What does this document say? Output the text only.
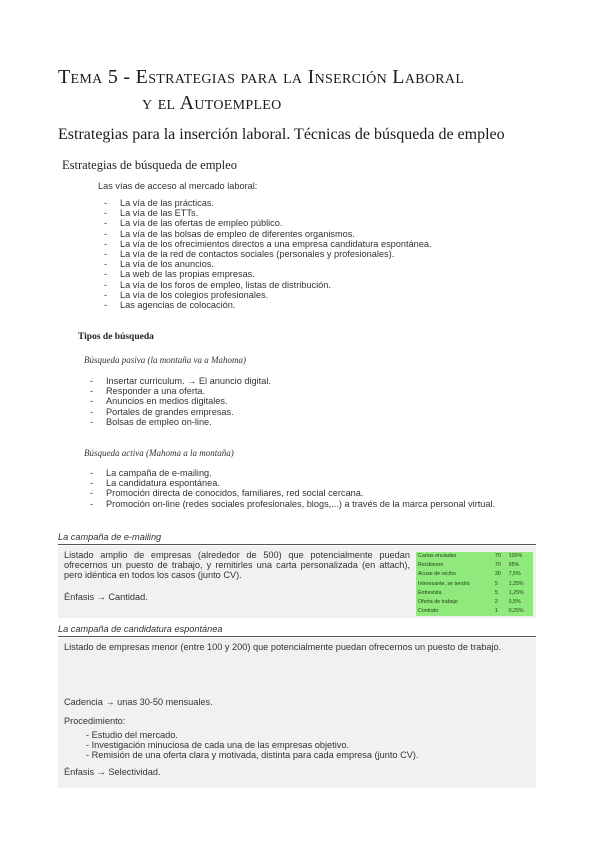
Tema 5 - Estrategias para la Inserción Laboral
y el Autoempleo
Estrategias para la inserción laboral. Técnicas de búsqueda de empleo
Estrategias de búsqueda de empleo
Las vías de acceso al mercado laboral:
- La vía de las prácticas.
- La vía de las ETTs.
- La vía de las ofertas de empleo público.
- La vía de las bolsas de empleo de diferentes organismos.
- La vía de los ofrecimientos directos a una empresa candidatura espontánea.
- La vía de la red de contactos sociales (personales y profesionales).
- La vía de los anuncios.
- La web de las propias empresas.
- La vía de los foros de empleo, listas de distribución.
- La vía de los colegios profesionales.
- Las agencias de colocación.
Tipos de búsqueda
Búsqueda pasiva (la montaña va a Mahoma)
- Insertar curriculum. → El anuncio digital.
- Responder a una oferta.
- Anuncios en medios digitales.
- Portales de grandes empresas.
- Bolsas de empleo on-line.
Búsqueda activa (Mahoma a la montaña)
- La campaña de e-mailing.
- La candidatura espontánea.
- Promoción directa de conocidos, familiares, red social cercana.
- Promoción on-line (redes sociales profesionales, blogs,...) a través de la marca personal virtual.
La campaña de e-mailing
Listado amplio de empresas (alrededor de 500) que potencialmente puedan ofrecernos un puesto de trabajo, y remitirles una carta personalizada (en attach), pero idéntica en todos los casos (junto CV).
Énfasis → Cantidad.
Cartas enviadas	70	100%
Recibieron	70	95%
Acuse de recibo	30	7,5%
Interesante, se tendrá	5	1,25%
Entrevista	5	1,25%
Oferta de trabajo	2	0,5%
Contrato	1	0,25%
La campaña de candidatura espontánea
Listado de empresas menor (entre 100 y 200) que potencialmente puedan ofrecernos un puesto de trabajo.
Cadencia → unas 30-50 mensuales.
Procedimiento:
- Estudio del mercado.
- Investigación minuciosa de cada una de las empresas objetivo.
- Remisión de una oferta clara y motivada, distinta para cada empresa (junto CV).
Énfasis → Selectividad.
